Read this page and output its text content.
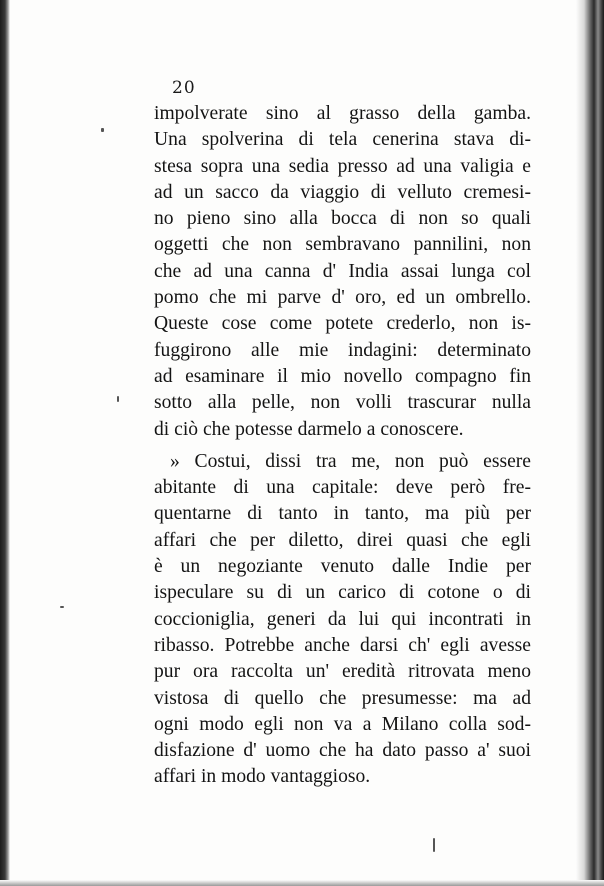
20
impolverate sino al grasso della gamba.
Una spolverina di tela cenerina stava di-
stesa sopra una sedia presso ad una valigia e
ad un sacco da viaggio di velluto cremesi-
no pieno sino alla bocca di non so quali
oggetti che non sembravano pannilini, non
che ad una canna d' India assai lunga col
pomo che mi parve d' oro, ed un ombrello.
Queste cose come potete crederlo, non is-
fuggirono alle mie indagini: determinato
ad esaminare il mio novello compagno fin
sotto alla pelle, non volli trascurar nulla
di ciò che potesse darmelo a conoscere.
» Costui, dissi tra me, non può essere
abitante di una capitale: deve però fre-
quentarne di tanto in tanto, ma più per
affari che per diletto, direi quasi che egli
è un negoziante venuto dalle Indie per
ispeculare su di un carico di cotone o di
coccioniglia, generi da lui qui incontrati in
ribasso. Potrebbe anche darsi ch' egli avesse
pur ora raccolta un' eredità ritrovata meno
vistosa di quello che presumesse: ma ad
ogni modo egli non va a Milano colla sod-
disfazione d' uomo che ha dato passo a' suoi
affari in modo vantaggioso.
